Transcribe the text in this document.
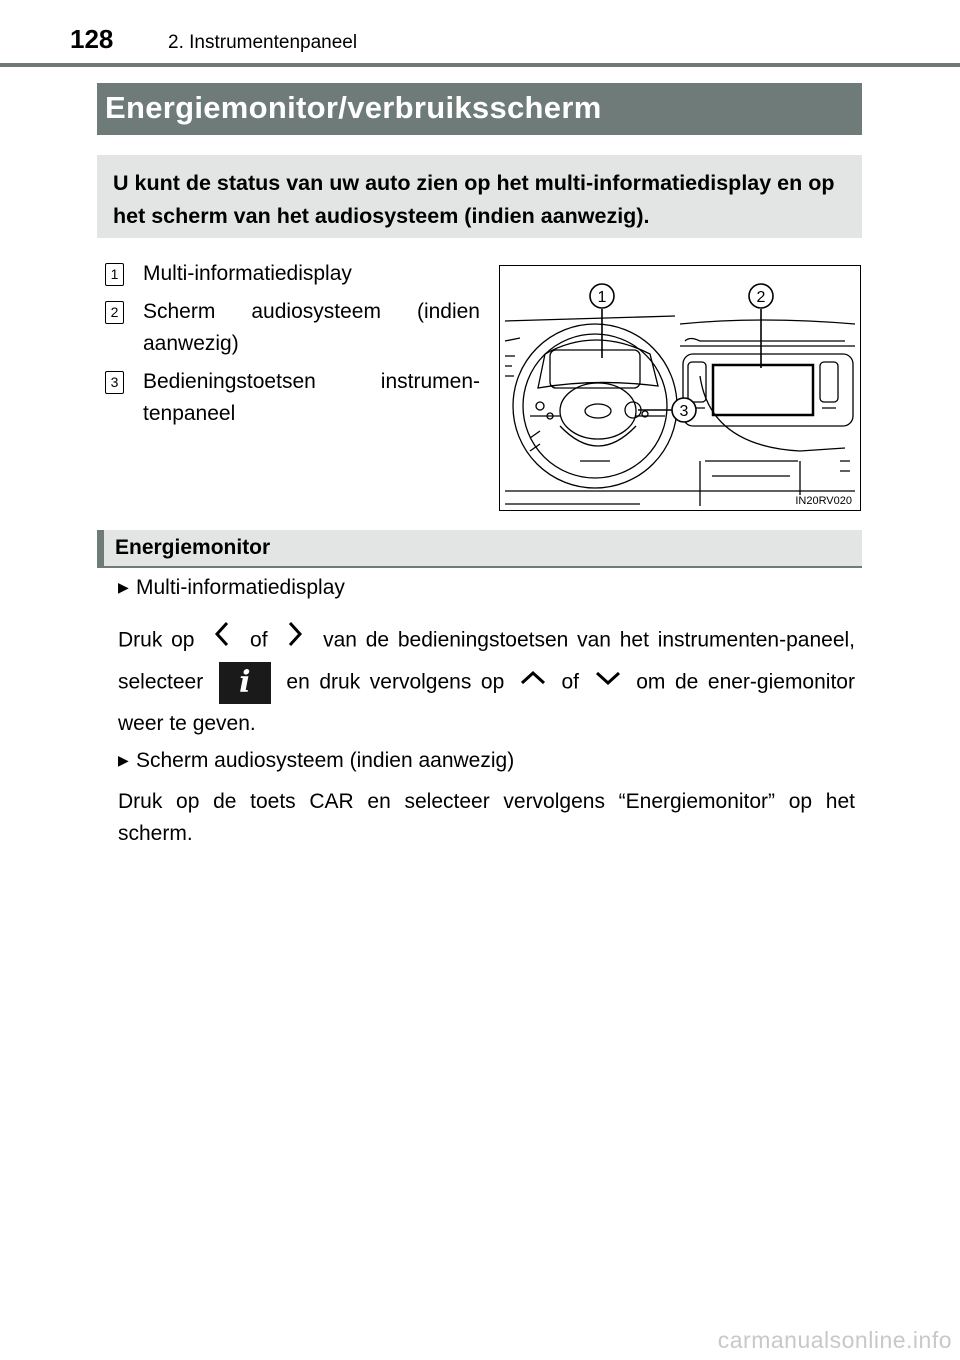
128	2. Instrumentenpaneel
Energiemonitor/verbruiksscherm

U kunt de status van uw auto zien op het multi-informatiedisplay en op het scherm van het audiosysteem (indien aanwezig).

1 Multi-informatiedisplay
2 Scherm audiosysteem (indien aanwezig)
3 Bedieningstoetsen instrumen-tenpaneel
1	2
3
IN20RV020
Energiemonitor
▶ Multi-informatiedisplay
Druk op	of	van de bedieningstoetsen van het instrumenten-paneel, selecteer i en druk vervolgens op	of	om de ener-giemonitor weer te geven.
▶ Scherm audiosysteem (indien aanwezig)
Druk op de toets CAR en selecteer vervolgens “Energiemonitor” op het scherm.
carmanualsonline.info
